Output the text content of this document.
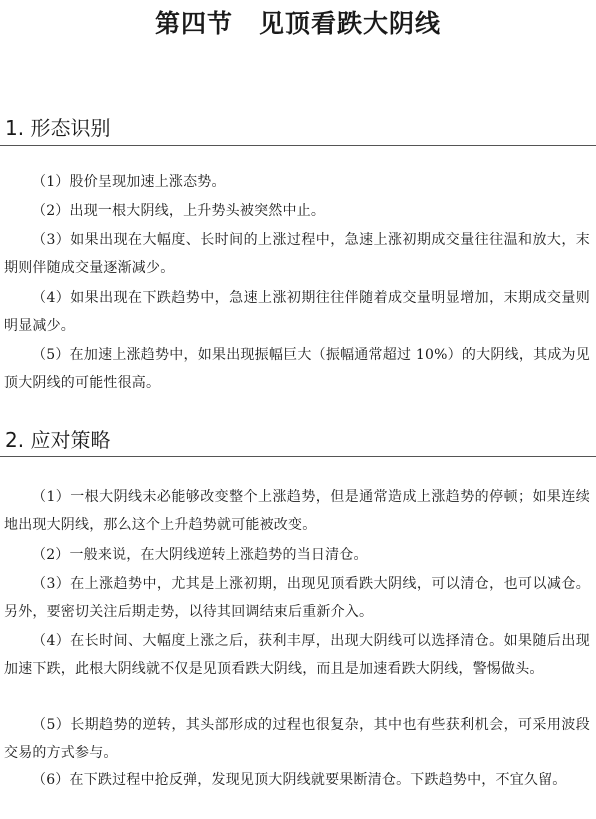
第四节　见顶看跌大阴线
1. 形态识别

（1）股价呈现加速上涨态势。

（2）出现一根大阴线，上升势头被突然中止。

（3）如果出现在大幅度、长时间的上涨过程中，急速上涨初期成交量往往温和放大，末期则伴随成交量逐渐减少。

（4）如果出现在下跌趋势中，急速上涨初期往往伴随着成交量明显增加，末期成交量则明显减少。

（5）在加速上涨趋势中，如果出现振幅巨大（振幅通常超过 10%）的大阴线，其成为见顶大阴线的可能性很高。

2. 应对策略

（1）一根大阴线未必能够改变整个上涨趋势，但是通常造成上涨趋势的停顿；如果连续地出现大阴线，那么这个上升趋势就可能被改变。

（2）一般来说，在大阴线逆转上涨趋势的当日清仓。

（3）在上涨趋势中，尤其是上涨初期，出现见顶看跌大阴线，可以清仓，也可以减仓。另外，要密切关注后期走势，以待其回调结束后重新介入。

（4）在长时间、大幅度上涨之后，获利丰厚，出现大阴线可以选择清仓。如果随后出现加速下跌，此根大阴线就不仅是见顶看跌大阴线，而且是加速看跌大阴线，警惕做头。

（5）长期趋势的逆转，其头部形成的过程也很复杂，其中也有些获利机会，可采用波段交易的方式参与。

（6）在下跌过程中抢反弹，发现见顶大阴线就要果断清仓。下跌趋势中，不宜久留。
